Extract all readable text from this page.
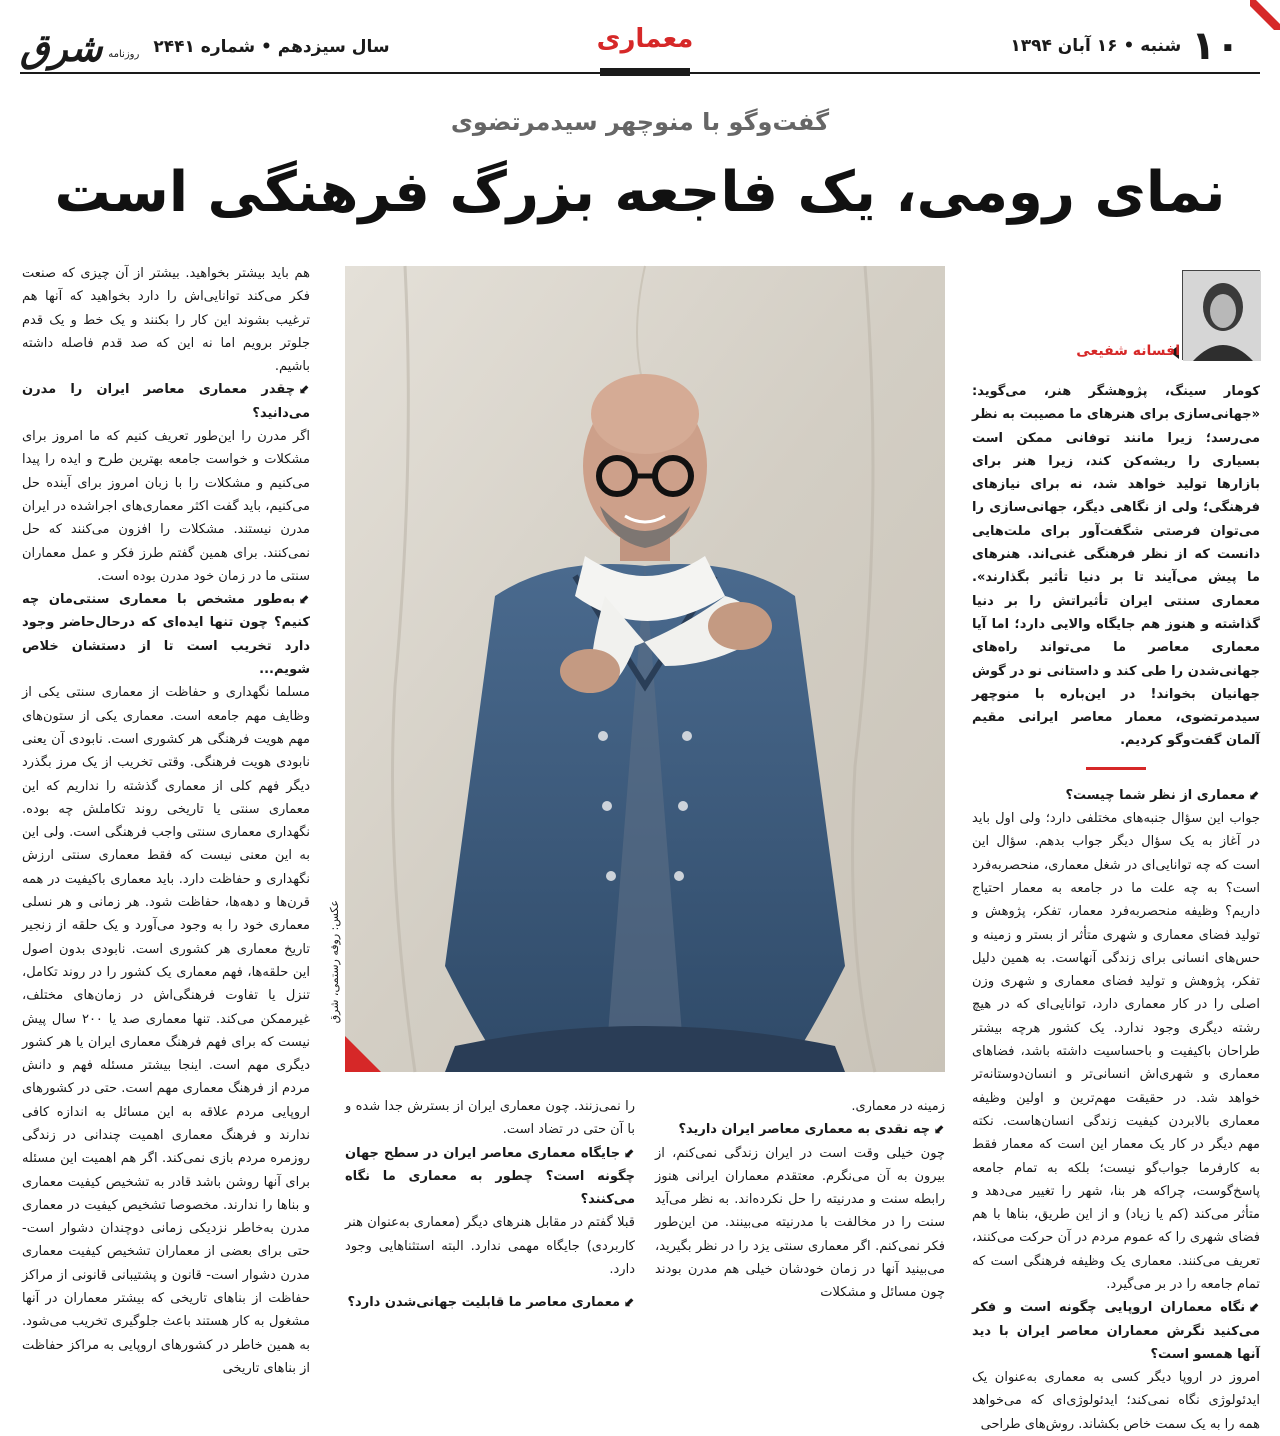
۱۰
شنبه • ۱۶ آبان ۱۳۹۴
معماری
شرق روزنامه سال سیزدهم • شماره ۲۴۴۱
گفت‌وگو با منوچهر سیدمرتضوی
نمای رومی، یک فاجعه بزرگ فرهنگی است
افسانه شفیعی

کومار سینگ، پژوهشگر هنر، می‌گوید: «جهانی‌سازی برای هنرهای ما مصیبت به نظر می‌رسد؛ زیرا مانند توفانی ممکن است بسیاری را ریشه‌کن کند، زیرا هنر برای بازارها تولید خواهد شد، نه برای نیازهای فرهنگی؛ ولی از نگاهی دیگر، جهانی‌سازی را می‌توان فرصتی شگفت‌آور برای ملت‌هایی دانست که از نظر فرهنگی غنی‌اند. هنرهای ما پیش می‌آیند تا بر دنیا تأثیر بگذارند». معماری سنتی ایران تأثیراتش را بر دنیا گذاشته و هنوز هم جایگاه والایی دارد؛ اما آیا معماری معاصر ما می‌تواند راه‌های جهانی‌شدن را طی کند و داستانی نو در گوش جهانیان بخواند! در این‌باره با منوچهر سیدمرتضوی، معمار معاصر ایرانی مقیم آلمان گفت‌وگو کردیم.

⬋معماری از نظر شما چیست؟

جواب این سؤال جنبه‌های مختلفی دارد؛ ولی اول باید در آغاز به یک سؤال دیگر جواب بدهم. سؤال این است که چه توانایی‌ای در شغل معماری، منحصربه‌فرد است؟ به چه علت ما در جامعه به معمار احتیاج داریم؟ وظیفه منحصربه‌فرد معمار، تفکر، پژوهش و تولید فضای معماری و شهری متأثر از بستر و زمینه و حس‌های انسانی برای زندگی آنهاست. به همین دلیل تفکر، پژوهش و تولید فضای معماری و شهری وزن اصلی را در کار معماری دارد، توانایی‌ای که در هیچ رشته دیگری وجود ندارد. یک کشور هرچه بیشتر طراحان باکیفیت و باحساسیت داشته باشد، فضاهای معماری و شهری‌اش انسانی‌تر و انسان‌دوستانه‌تر خواهد شد. در حقیقت مهم‌ترین و اولین وظیفه معماری بالابردن کیفیت زندگی انسان‌هاست. نکته مهم دیگر در کار یک معمار این است که معمار فقط به کارفرما جواب‌گو نیست؛ بلکه به تمام جامعه پاسخ‌گوست، چراکه هر بنا، شهر را تغییر می‌دهد و متأثر می‌کند (کم یا زیاد) و از این طریق، بناها با هم فضای شهری را که عموم مردم در آن حرکت می‌کنند، تعریف می‌کنند. معماری یک وظیفه فرهنگی است که تمام جامعه را در بر می‌گیرد.

⬋نگاه معماران اروپایی چگونه است و فکر می‌کنید نگرش معماران معاصر ایران با دید آنها همسو است؟

امروز در اروپا دیگر کسی به معماری به‌عنوان یک ایدئولوژی نگاه نمی‌کند؛ ایدئولوژی‌ای که می‌خواهد همه را به یک سمت خاص بکشاند. روش‌های طراحی

عکس: روفه رستمی، شرق

زمینه در معماری.

⬋چه نقدی به معماری معاصر ایران دارید؟

چون خیلی وقت است در ایران زندگی نمی‌کنم، از بیرون به آن می‌نگرم. معتقدم معماران ایرانی هنوز رابطه سنت و مدرنیته را حل نکرده‌اند. به نظر می‌آید سنت را در مخالفت با مدرنیته می‌بینند. من این‌طور فکر نمی‌کنم. اگر معماری سنتی یزد را در نظر بگیرید، می‌بینید آنها در زمان خودشان خیلی هم مدرن بودند چون مسائل و مشکلات

را نمی‌زنند. چون معماری ایران از بسترش جدا شده و با آن حتی در تضاد است.

⬋جایگاه معماری معاصر ایران در سطح جهان چگونه است؟ چطور به معماری ما نگاه می‌کنند؟

قبلا گفتم در مقابل هنرهای دیگر (معماری به‌عنوان هنر کاربردی) جایگاه مهمی ندارد. البته استثناهایی وجود دارد.

⬋معماری معاصر ما قابلیت جهانی‌شدن دارد؟

هم باید بیشتر بخواهید. بیشتر از آن چیزی که صنعت فکر می‌کند توانایی‌اش را دارد بخواهید که آنها هم ترغیب بشوند این کار را بکنند و یک خط و یک قدم جلوتر برویم اما نه این که صد قدم فاصله داشته باشیم.

⬋چقدر معماری معاصر ایران را مدرن می‌دانید؟

اگر مدرن را این‌طور تعریف کنیم که ما امروز برای مشکلات و خواست جامعه بهترین طرح و ایده را پیدا می‌کنیم و مشکلات را با زبان امروز برای آینده حل می‌کنیم، باید گفت اکثر معماری‌های اجراشده در ایران مدرن نیستند. مشکلات را افزون می‌کنند که حل نمی‌کنند. برای همین گفتم طرز فکر و عمل معماران سنتی ما در زمان خود مدرن بوده است.

⬋به‌طور مشخص با معماری سنتی‌مان چه کنیم؟ چون تنها ایده‌ای که درحال‌حاضر وجود دارد تخریب است تا از دستشان خلاص شویم...

مسلما نگهداری و حفاظت از معماری سنتی یکی از وظایف مهم جامعه است. معماری یکی از ستون‌های مهم هویت فرهنگی هر کشوری است. نابودی آن یعنی نابودی هویت فرهنگی. وقتی تخریب از یک مرز بگذرد دیگر فهم کلی از معماری گذشته را نداریم که این معماری سنتی یا تاریخی روند تکاملش چه بوده. نگهداری معماری سنتی واجب فرهنگی است. ولی این به این معنی نیست که فقط معماری سنتی ارزش نگهداری و حفاظت دارد. باید معماری باکیفیت در همه قرن‌ها و دهه‌ها، حفاظت شود. هر زمانی و هر نسلی معماری خود را به وجود می‌آورد و یک حلقه از زنجیر تاریخ معماری هر کشوری است. نابودی بدون اصول این حلقه‌ها، فهم معماری یک کشور را در روند تکامل، تنزل یا تفاوت فرهنگی‌اش در زمان‌های مختلف، غیرممکن می‌کند. تنها معماری صد یا ۲۰۰ سال پیش نیست که برای فهم فرهنگ معماری ایران یا هر کشور دیگری مهم است. اینجا بیشتر مسئله فهم و دانش مردم از فرهنگ معماری مهم است. حتی در کشورهای اروپایی مردم علاقه به این مسائل به اندازه کافی ندارند و فرهنگ معماری اهمیت چندانی در زندگی روزمره مردم بازی نمی‌کند. اگر هم اهمیت این مسئله برای آنها روشن باشد قادر به تشخیص کیفیت معماری و بناها را ندارند. مخصوصا تشخیص کیفیت در معماری مدرن به‌خاطر نزدیکی زمانی دوچندان دشوار است- حتی برای بعضی از معماران تشخیص کیفیت معماری مدرن دشوار است- قانون و پشتیبانی قانونی از مراکز حفاظت از بناهای تاریخی که بیشتر معماران در آنها مشغول به کار هستند باعث جلوگیری تخریب می‌شود. به همین خاطر در کشورهای اروپایی به مراکز حفاظت از بناهای تاریخی
